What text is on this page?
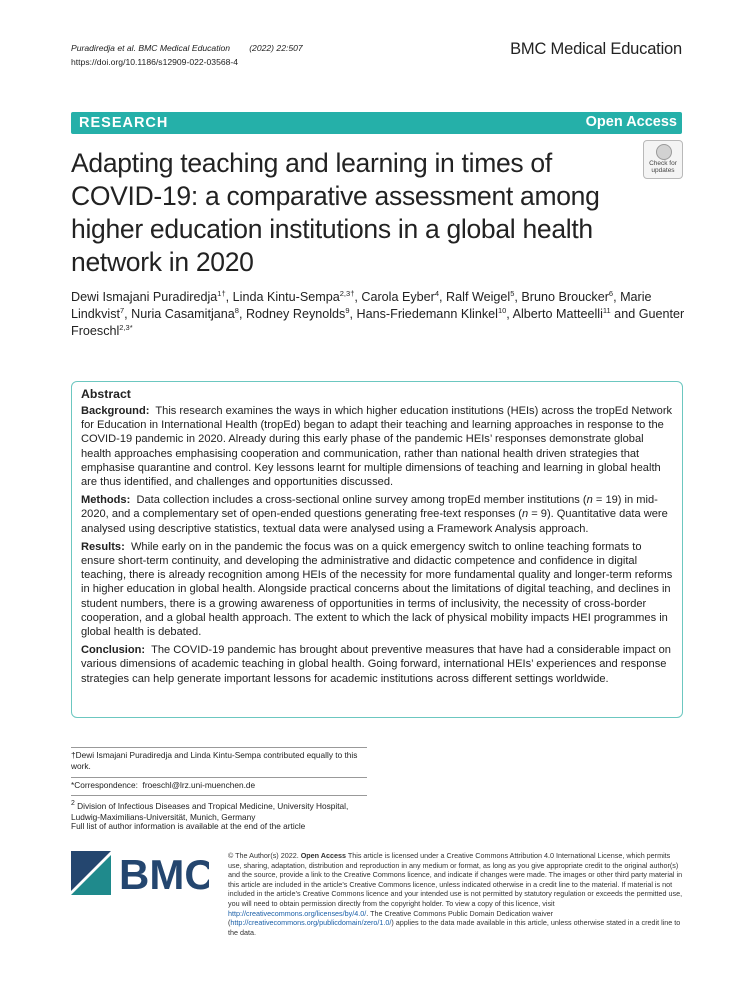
Puradiredja et al. BMC Medical Education (2022) 22:507
https://doi.org/10.1186/s12909-022-03568-4
BMC Medical Education
RESEARCH	Open Access
Check for
updates
Adapting teaching and learning in times of COVID-19: a comparative assessment among higher education institutions in a global health network in 2020
Dewi Ismajani Puradiredja$^{1\dagger}$, Linda Kintu-Sempa$^{2,3\dagger}$, Carola Eyber$^4$, Ralf Weigel$^5$, Bruno Broucker$^6$, Marie Lindkvist$^7$, Nuria Casamitjana$^8$, Rodney Reynolds$^9$, Hans-Friedemann Klinkel$^{10}$, Alberto Matteelli$^{11}$ and Guenter Froeschl$^{2,3*}$
Abstract

Background: This research examines the ways in which higher education institutions (HEIs) across the tropEd Network for Education in International Health (tropEd) began to adapt their teaching and learning approaches in response to the COVID-19 pandemic in 2020. Already during this early phase of the pandemic HEIs’ responses demonstrate global health approaches emphasising cooperation and communication, rather than national health driven strategies that emphasise quarantine and control. Key lessons learnt for multiple dimensions of teaching and learning in global health are thus identified, and challenges and opportunities discussed.

Methods: Data collection includes a cross-sectional online survey among tropEd member institutions (n = 19) in mid-2020, and a complementary set of open-ended questions generating free-text responses (n = 9). Quantitative data were analysed using descriptive statistics, textual data were analysed using a Framework Analysis approach.

Results: While early on in the pandemic the focus was on a quick emergency switch to online teaching formats to ensure short-term continuity, and developing the administrative and didactic competence and confidence in digital teaching, there is already recognition among HEIs of the necessity for more fundamental quality and longer-term reforms in higher education in global health. Alongside practical concerns about the limitations of digital teaching, and declines in student numbers, there is a growing awareness of opportunities in terms of inclusivity, the necessity of cross-border cooperation, and a global health approach. The extent to which the lack of physical mobility impacts HEI programmes in global health is debated.

Conclusion: The COVID-19 pandemic has brought about preventive measures that have had a considerable impact on various dimensions of academic teaching in global health. Going forward, international HEIs’ experiences and response strategies can help generate important lessons for academic institutions across different settings worldwide.

†Dewi Ismajani Puradiredja and Linda Kintu-Sempa contributed equally to this work.
*Correspondence: froeschl@lrz.uni-muenchen.de
$^2$ Division of Infectious Diseases and Tropical Medicine, University Hospital, Ludwig-Maximilians-Universität, Munich, Germany
Full list of author information is available at the end of the article
BMC © The Author(s) 2022. Open Access This article is licensed under a Creative Commons Attribution 4.0 International License, which permits use, sharing, adaptation, distribution and reproduction in any medium or format, as long as you give appropriate credit to the original author(s) and the source, provide a link to the Creative Commons licence, and indicate if changes were made. The images or other third party material in this article are included in the article’s Creative Commons licence, unless indicated otherwise in a credit line to the material. If material is not included in the article’s Creative Commons licence and your intended use is not permitted by statutory regulation or exceeds the permitted use, you will need to obtain permission directly from the copyright holder. To view a copy of this licence, visit http://creativecommons.org/licenses/by/4.0/. The Creative Commons Public Domain Dedication waiver (http://creativecommons.org/publicdomain/zero/1.0/) applies to the data made available in this article, unless otherwise stated in a credit line to the data.
